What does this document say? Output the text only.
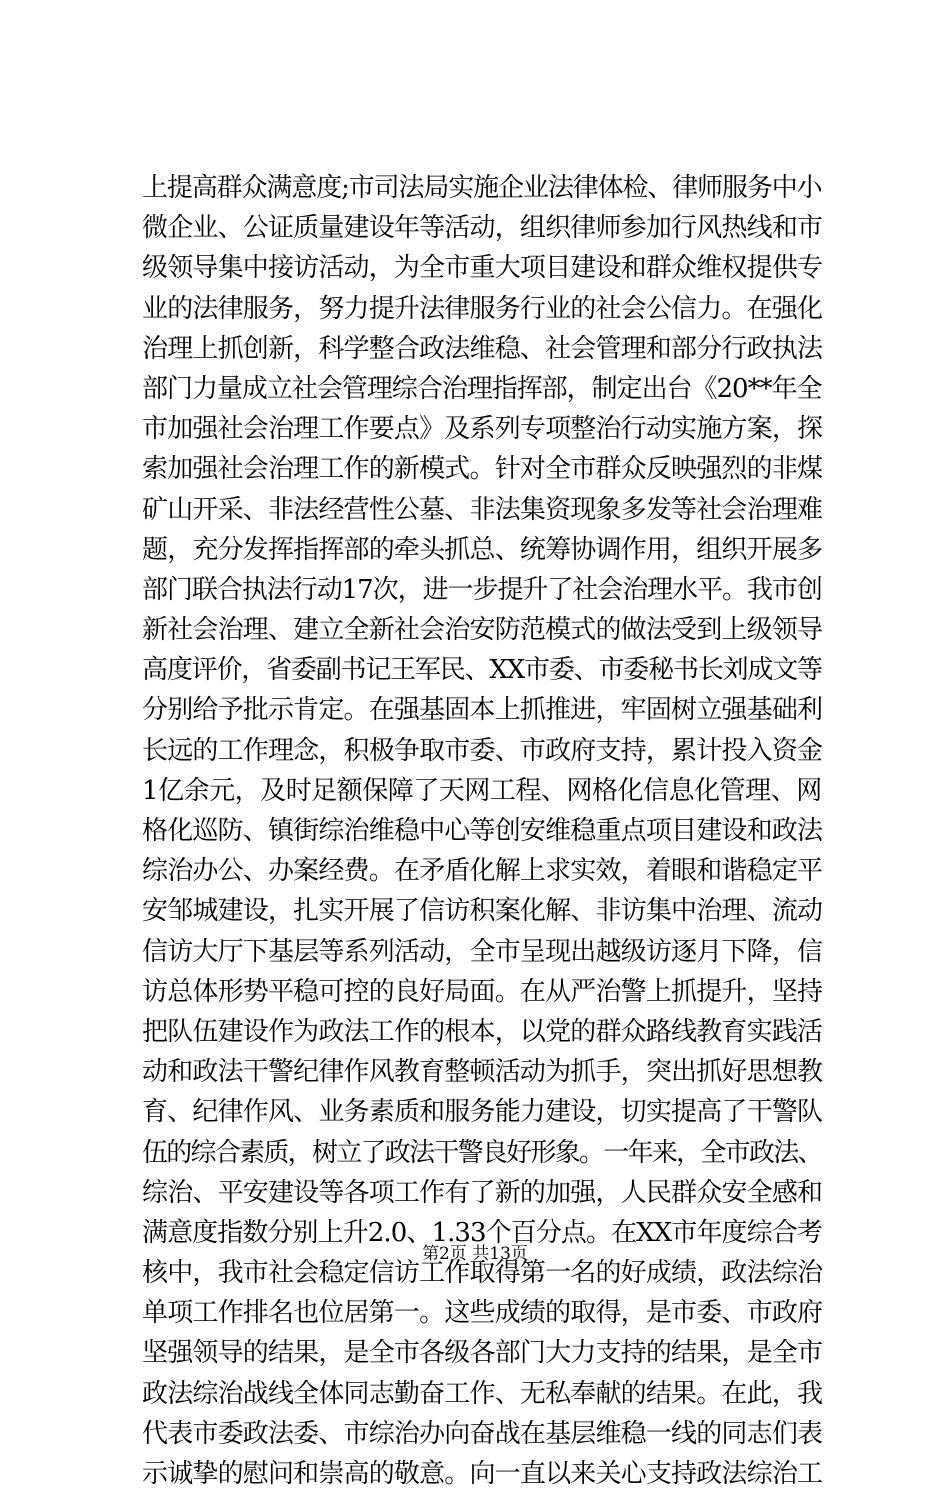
上提高群众满意度;市司法局实施企业法律体检、律师服务中小
微企业、公证质量建设年等活动，组织律师参加行风热线和市
级领导集中接访活动，为全市重大项目建设和群众维权提供专
业的法律服务，努力提升法律服务行业的社会公信力。在强化
治理上抓创新，科学整合政法维稳、社会管理和部分行政执法
部门力量成立社会管理综合治理指挥部，制定出台《20**年全
市加强社会治理工作要点》及系列专项整治行动实施方案，探
索加强社会治理工作的新模式。针对全市群众反映强烈的非煤
矿山开采、非法经营性公墓、非法集资现象多发等社会治理难
题，充分发挥指挥部的牵头抓总、统筹协调作用，组织开展多
部门联合执法行动17次，进一步提升了社会治理水平。我市创
新社会治理、建立全新社会治安防范模式的做法受到上级领导
高度评价，省委副书记王军民、XX市委、市委秘书长刘成文等
分别给予批示肯定。在强基固本上抓推进，牢固树立强基础利
长远的工作理念，积极争取市委、市政府支持，累计投入资金
1亿余元，及时足额保障了天网工程、网格化信息化管理、网
格化巡防、镇街综治维稳中心等创安维稳重点项目建设和政法
综治办公、办案经费。在矛盾化解上求实效，着眼和谐稳定平
安邹城建设，扎实开展了信访积案化解、非访集中治理、流动
信访大厅下基层等系列活动，全市呈现出越级访逐月下降，信
访总体形势平稳可控的良好局面。在从严治警上抓提升，坚持
把队伍建设作为政法工作的根本，以党的群众路线教育实践活
动和政法干警纪律作风教育整顿活动为抓手，突出抓好思想教
育、纪律作风、业务素质和服务能力建设，切实提高了干警队
伍的综合素质，树立了政法干警良好形象。一年来，全市政法、
综治、平安建设等各项工作有了新的加强，人民群众安全感和
满意度指数分别上升2.0、1.33个百分点。在XX市年度综合考
核中，我市社会稳定信访工作取得第一名的好成绩，政法综治
单项工作排名也位居第一。这些成绩的取得，是市委、市政府
坚强领导的结果，是全市各级各部门大力支持的结果，是全市
政法综治战线全体同志勤奋工作、无私奉献的结果。在此，我
代表市委政法委、市综治办向奋战在基层维稳一线的同志们表
示诚挚的慰问和崇高的敬意。向一直以来关心支持政法综治工
第2页 共13页
